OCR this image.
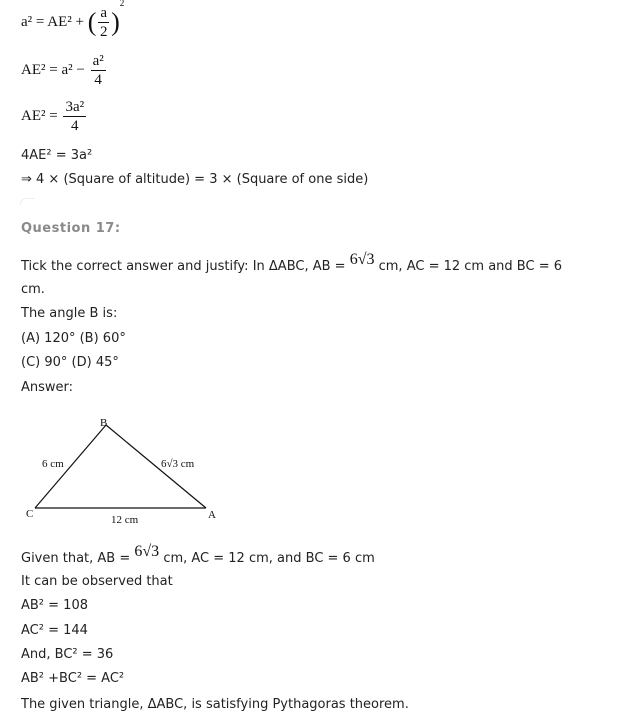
a² = AE² + ( $\frac{a}{2} )^2$
$AE^2 = a^2 - \frac{\text{a²}}{4}$
$AE^2 = \frac{\text{3a²}}{4}$
4AE² = 3a²
⇒ 4 × (Square of altitude) = 3 × (Square of one side)
Question 17:
Tick the correct answer and justify: In ΔABC, AB = 6√3 cm, AC = 12 cm and BC = 6
cm.
The angle B is:
(A) 120° (B) 60°
(C) 90° (D) 45°
Answer:
B
C	A
6 cm	6√3 cm
12 cm
Given that, AB = 6√3 cm, AC = 12 cm, and BC = 6 cm
It can be observed that
AB² = 108
AC² = 144
And, BC² = 36
AB² +BC² = AC²
The given triangle, ΔABC, is satisfying Pythagoras theorem.
